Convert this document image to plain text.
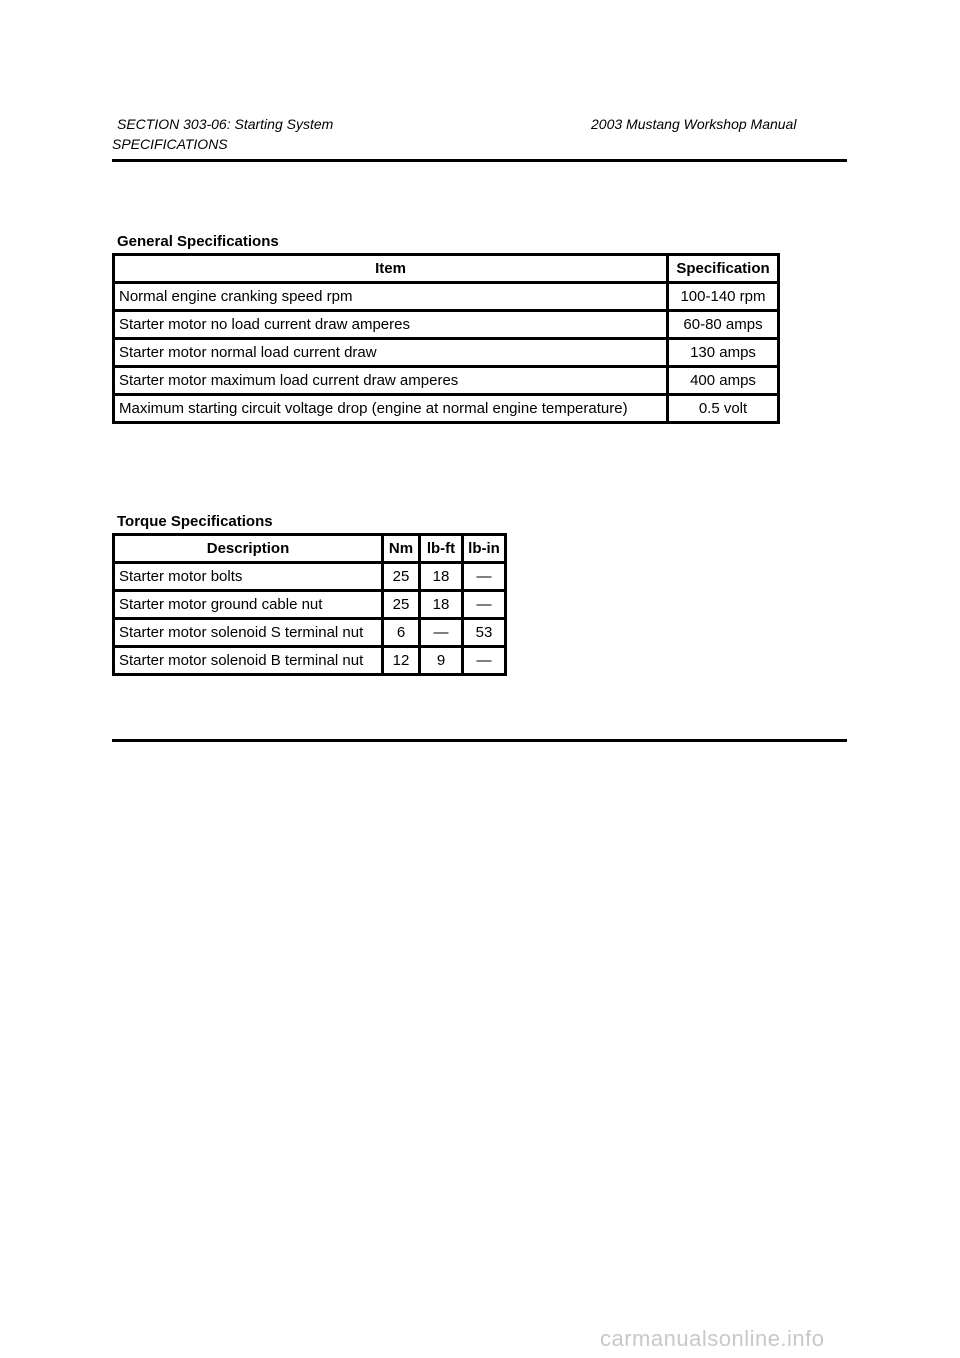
SECTION 303-06: Starting System	2003 Mustang Workshop Manual
SPECIFICATIONS
General Specifications
Item	Specification
Normal engine cranking speed rpm	100-140 rpm
Starter motor no load current draw amperes	60-80 amps
Starter motor normal load current draw	130 amps
Starter motor maximum load current draw amperes	400 amps
Maximum starting circuit voltage drop (engine at normal engine temperature)	0.5 volt
Torque Specifications
Description	Nm	lb-ft	lb-in
Starter motor bolts	25	18	—
Starter motor ground cable nut	25	18	—
Starter motor solenoid S terminal nut	6	—	53
Starter motor solenoid B terminal nut	12	9	—
carmanualsonline.info
